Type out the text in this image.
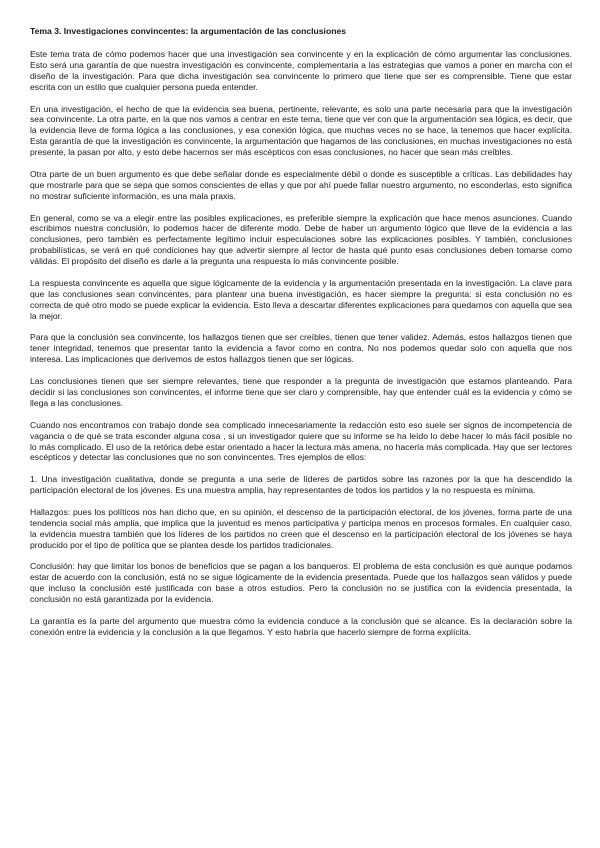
Tema 3. Investigaciones convincentes: la argumentación de las conclusiones

Este tema trata de cómo podemos hacer que una investigación sea convincente y en la explicación de cómo argumentar las conclusiones. Esto será una garantía de que nuestra investigación es convincente, complementaria a las estrategias que vamos a poner en marcha con el diseño de la investigación. Para que dicha investigación sea convincente lo primero que tiene que ser es comprensible. Tiene que estar escrita con un estilo que cualquier persona pueda entender.

En una investigación, el hecho de que la evidencia sea buena, pertinente, relevante, es solo una parte necesaria para que la investigación sea convincente. La otra parte, en la que nos vamos a centrar en este tema, tiene que ver con que la argumentación sea lógica, es decir, que la evidencia lleve de forma lógica a las conclusiones, y esa conexión lógica, que muchas veces no se hace, la tenemos que hacer explícita. Esta garantía de que la investigación es convincente, la argumentación que hagamos de las conclusiones, en muchas investigaciones no está presente, la pasan por alto, y esto debe hacernos ser más escépticos con esas conclusiones, no hacer que sean más creíbles.

Otra parte de un buen argumento es que debe señalar donde es especialmente débil o donde es susceptible a críticas. Las debilidades hay que mostrarle para que se sepa que somos conscientes de ellas y que por ahí puede fallar nuestro argumento, no esconderlas, esto significa no mostrar suficiente información, es una mala praxis.

En general, como se va a elegir entre las posibles explicaciones, es preferible siempre la explicación que hace menos asunciones. Cuando escribimos nuestra conclusión, lo podemos hacer de diferente modo. Debe de haber un argumento lógico que lleve de la evidencia a las conclusiones, pero también es perfectamente legítimo incluir especulaciones sobre las explicaciones posibles. Y también, conclusiones probabilísticas, se verá en qué condiciones hay que advertir siempre al lector de hasta qué punto esas conclusiones deben tomarse como válidas. El propósito del diseño es darle a la pregunta una respuesta lo más convincente posible.

La respuesta convincente es aquella que sigue lógicamente de la evidencia y la argumentación presentada en la investigación. La clave para que las conclusiones sean convincentes, para plantear una buena investigación, es hacer siempre la pregunta: si esta conclusión no es correcta de qué otro modo se puede explicar la evidencia. Esto lleva a descartar diferentes explicaciones para quedarnos con aquella que sea la mejor.

Para que la conclusión sea convincente, los hallazgos tienen que ser creíbles, tienen que tener validez. Además, estos hallazgos tienen que tener integridad, tenemos que presentar tanto la evidencia a favor como en contra. No nos podemos quedar solo con aquella que nos interesa. Las implicaciones que derivemos de estos hallazgos tienen que ser lógicas.

Las conclusiones tienen que ser siempre relevantes, tiene que responder a la pregunta de investigación que estamos planteando. Para decidir si las conclusiones son convincentes, el informe tiene que ser claro y comprensible, hay que entender cuál es la evidencia y cómo se llega a las conclusiones.

Cuando nos encontramos con trabajo donde sea complicado innecesariamente la redacción esto eso suele ser signos de incompetencia de vagancia o de qué se trata esconder alguna cosa , si un investigador quiere que su informe se ha leído lo debe hacer lo más fácil posible no lo más complicado. El uso de la retórica debe estar orientado a hacer la lectura más amena, no hacerla más complicada. Hay que ser lectores escépticos y detectar las conclusiones que no son convincentes. Tres ejemplos de ellos:

1. Una investigación cualitativa, donde se pregunta a una serie de líderes de partidos sobre las razones por la que ha descendido la participación electoral de los jóvenes. Es una muestra amplia, hay representantes de todos los partidos y la no respuesta es mínima.

Hallazgos: pues los políticos nos han dicho que, en su opinión, el descenso de la participación electoral, de los jóvenes, forma parte de una tendencia social más amplia, que implica que la juventud es menos participativa y participa menos en procesos formales. En cualquier caso, la evidencia muestra también que los líderes de los partidos no creen que el descenso en la participación electoral de los jóvenes se haya producido por el tipo de política que se plantea desde los partidos tradicionales.

Conclusión: hay que limitar los bonos de beneficios que se pagan a los banqueros. El problema de esta conclusión es que aunque podamos estar de acuerdo con la conclusión, está no se sigue lógicamente de la evidencia presentada. Puede que los hallazgos sean válidos y puede que incluso la conclusión esté justificada con base a otros estudios. Pero la conclusión no se justifica con la evidencia presentada, la conclusión no está garantizada por la evidencia.

La garantía es la parte del argumento que muestra cómo la evidencia conduce a la conclusión que se alcance. Es la declaración sobre la conexión entre la evidencia y la conclusión a la que llegamos. Y esto habría que hacerlo siempre de forma explícita.
